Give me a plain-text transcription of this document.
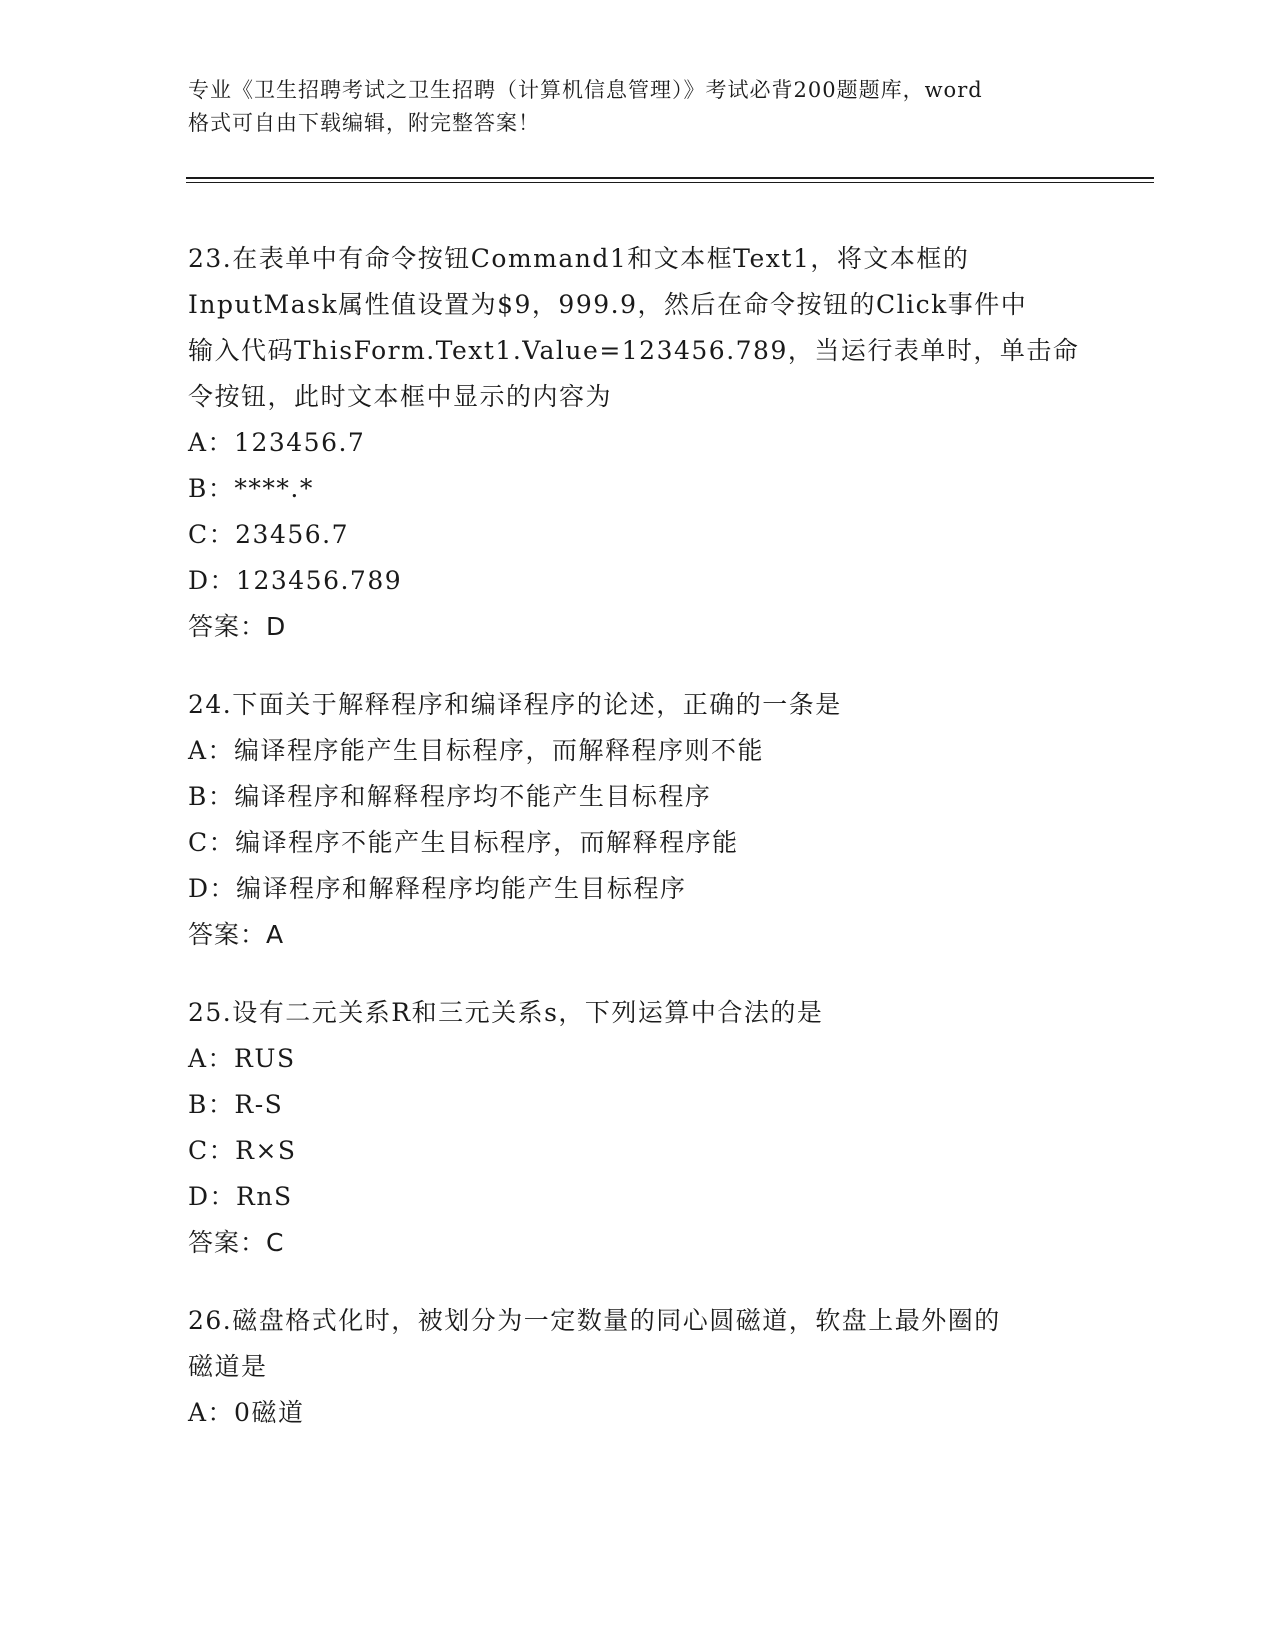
专业《卫生招聘考试之卫生招聘（计算机信息管理）》考试必背200题题库，word
格式可自由下载编辑，附完整答案！
23.在表单中有命令按钮Command1和文本框Text1，将文本框的
InputMask属性值设置为$9，999.9，然后在命令按钮的Click事件中
输入代码ThisForm.Text1.Value=123456.789，当运行表单时，单击命
令按钮，此时文本框中显示的内容为
A：123456.7
B：****.*
C：23456.7
D：123456.789
答案：D
24.下面关于解释程序和编译程序的论述，正确的一条是
A：编译程序能产生目标程序，而解释程序则不能
B：编译程序和解释程序均不能产生目标程序
C：编译程序不能产生目标程序，而解释程序能
D：编译程序和解释程序均能产生目标程序
答案：A
25.设有二元关系R和三元关系s，下列运算中合法的是
A：RUS
B：R-S
C：R×S
D：RnS
答案：C
26.磁盘格式化时，被划分为一定数量的同心圆磁道，软盘上最外圈的
磁道是
A：0磁道
